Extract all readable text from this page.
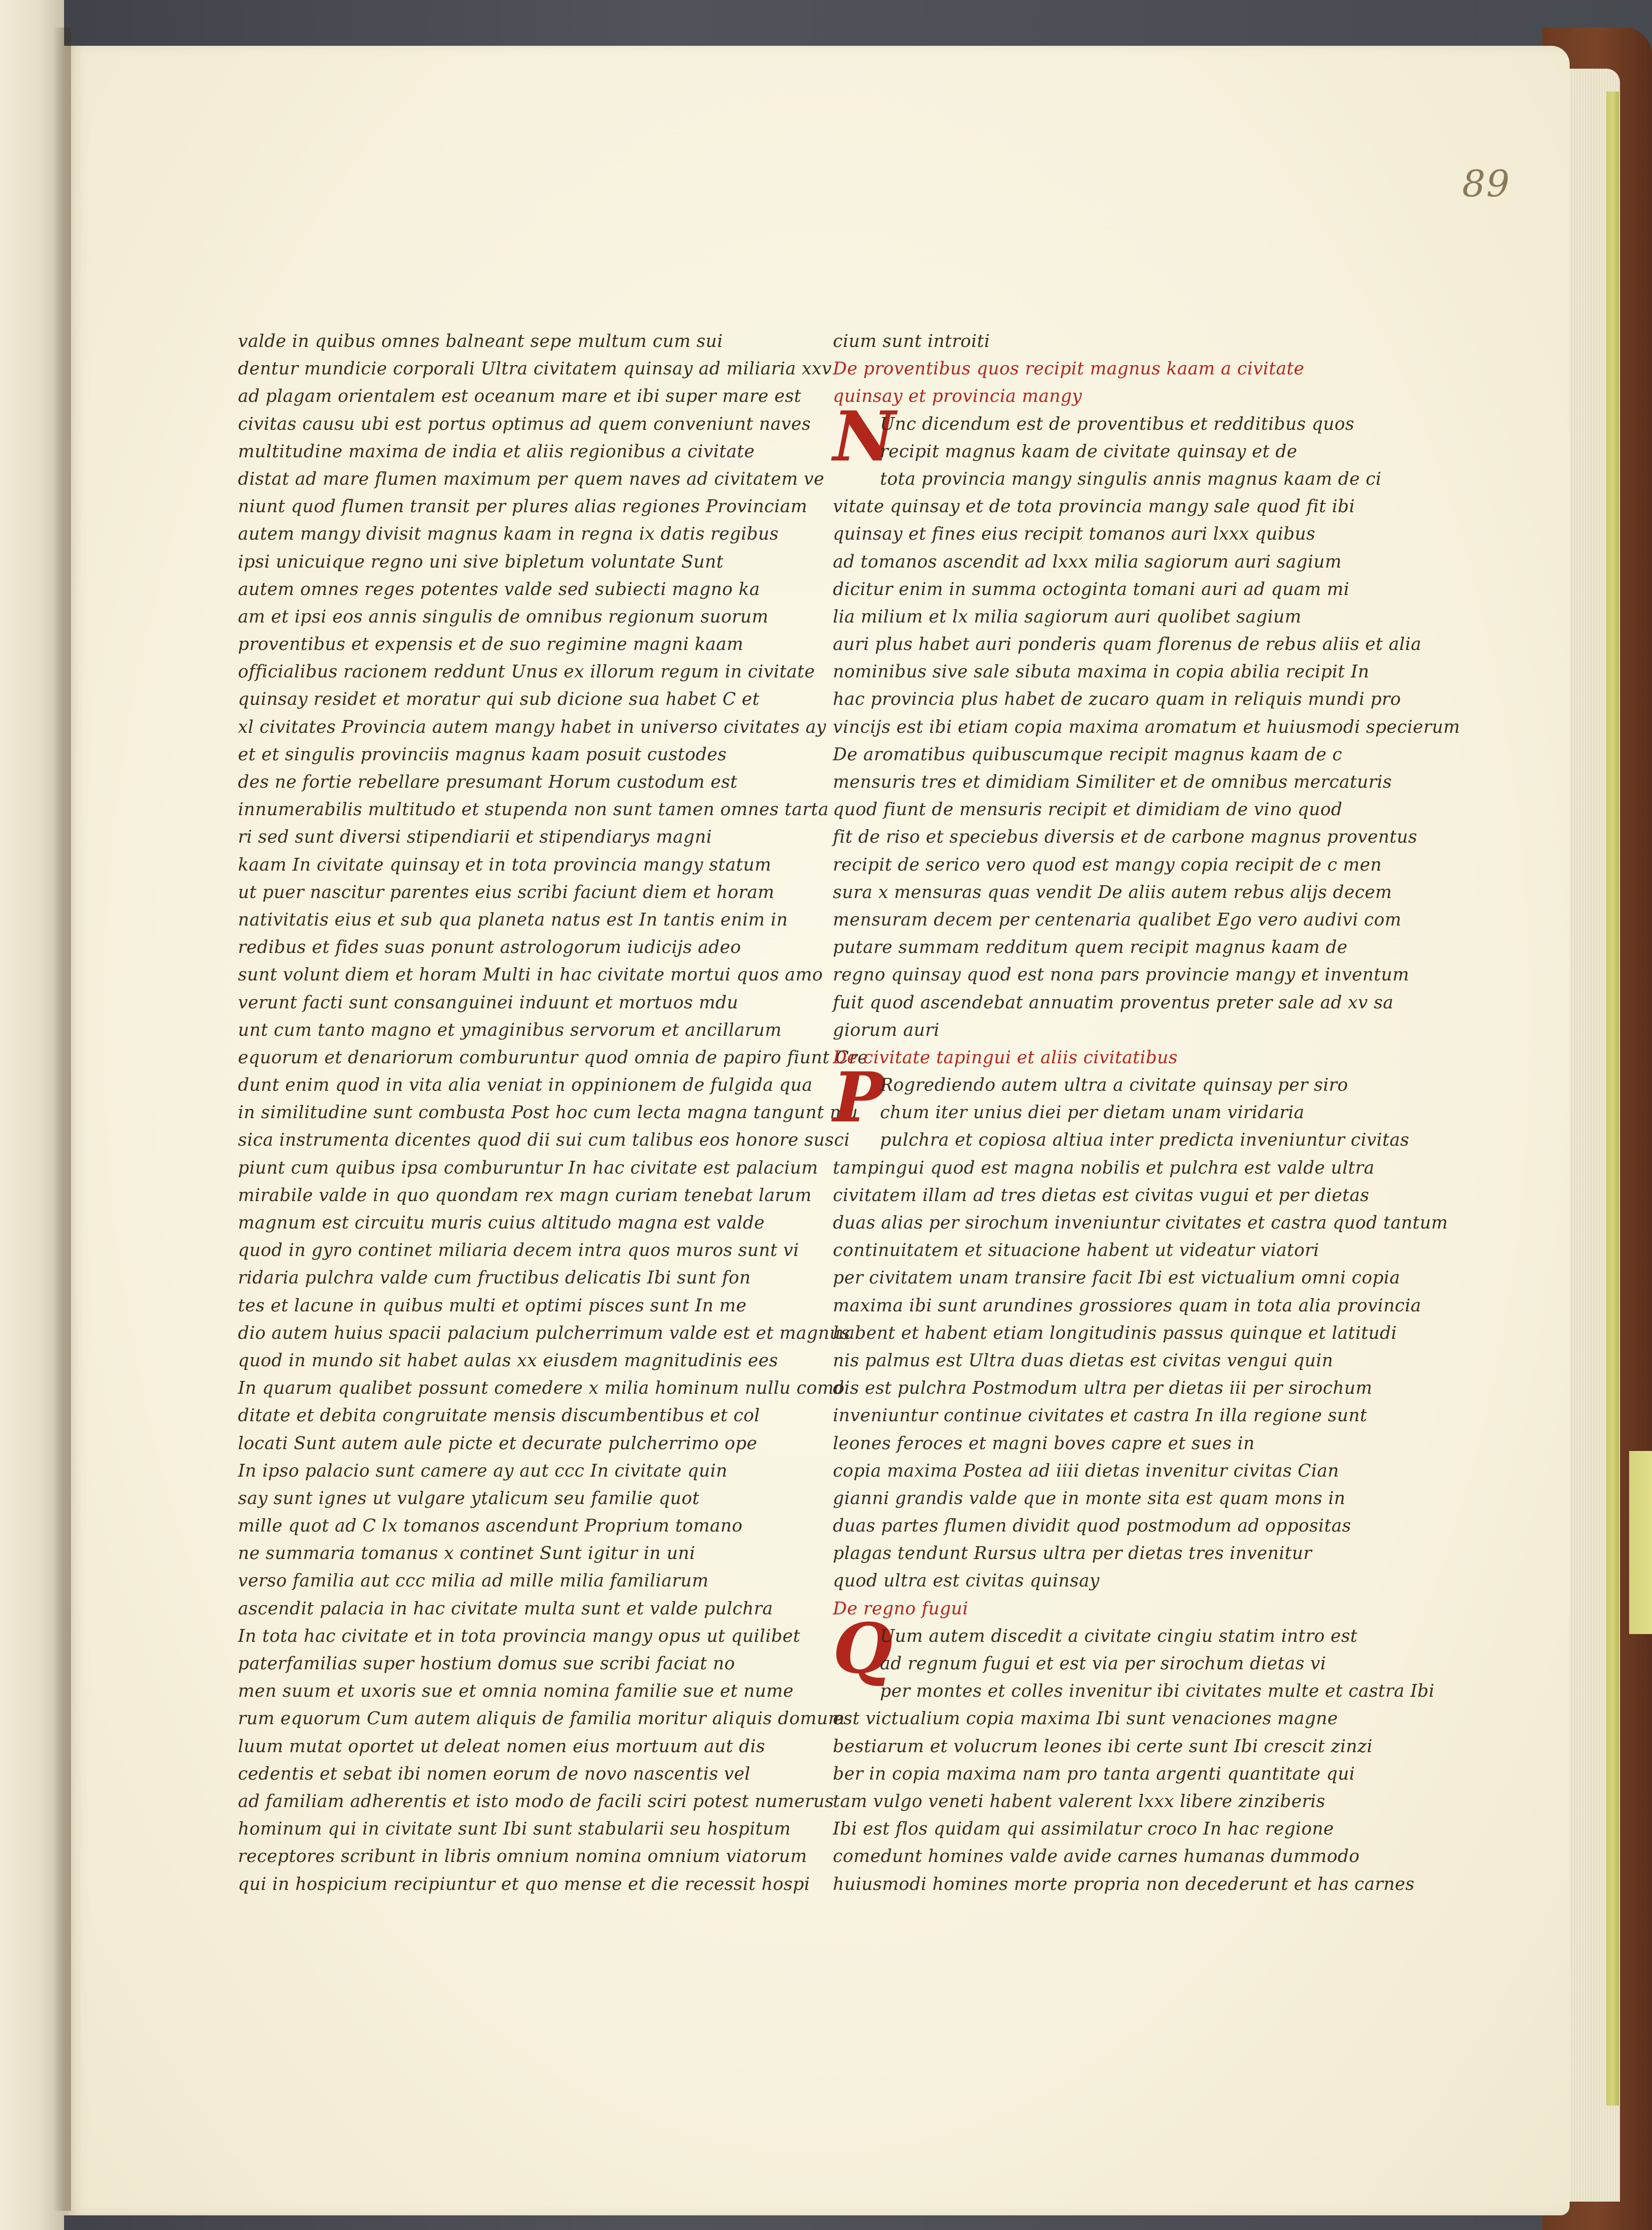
89
valde in quibus omnes balneant sepe multum cum sui
dentur mundicie corporali Ultra civitatem quinsay ad miliaria xxv
ad plagam orientalem est oceanum mare et ibi super mare est
civitas causu ubi est portus optimus ad quem conveniunt naves
multitudine maxima de india et aliis regionibus a civitate
distat ad mare flumen maximum per quem naves ad civitatem ve
niunt quod flumen transit per plures alias regiones Provinciam
autem mangy divisit magnus kaam in regna ix datis regibus
ipsi unicuique regno uni sive bipletum voluntate Sunt
autem omnes reges potentes valde sed subiecti magno ka
am et ipsi eos annis singulis de omnibus regionum suorum
proventibus et expensis et de suo regimine magni kaam
officialibus racionem reddunt Unus ex illorum regum in civitate
quinsay residet et moratur qui sub dicione sua habet C et
xl civitates Provincia autem mangy habet in universo civitates ay
et et singulis provinciis magnus kaam posuit custodes
des ne fortie rebellare presumant Horum custodum est
innumerabilis multitudo et stupenda non sunt tamen omnes tarta
ri sed sunt diversi stipendiarii et stipendiarys magni
kaam In civitate quinsay et in tota provincia mangy statum
ut puer nascitur parentes eius scribi faciunt diem et horam
nativitatis eius et sub qua planeta natus est In tantis enim in
redibus et fides suas ponunt astrologorum iudicijs adeo
sunt volunt diem et horam Multi in hac civitate mortui quos amo
verunt facti sunt consanguinei induunt et mortuos mdu
unt cum tanto magno et ymaginibus servorum et ancillarum
equorum et denariorum comburuntur quod omnia de papiro fiunt Cre
dunt enim quod in vita alia veniat in oppinionem de fulgida qua
in similitudine sunt combusta Post hoc cum lecta magna tangunt mu
sica instrumenta dicentes quod dii sui cum talibus eos honore susci
piunt cum quibus ipsa comburuntur In hac civitate est palacium
mirabile valde in quo quondam rex magn curiam tenebat larum
magnum est circuitu muris cuius altitudo magna est valde
quod in gyro continet miliaria decem intra quos muros sunt vi
ridaria pulchra valde cum fructibus delicatis Ibi sunt fon
tes et lacune in quibus multi et optimi pisces sunt In me
dio autem huius spacii palacium pulcherrimum valde est et magnus
quod in mundo sit habet aulas xx eiusdem magnitudinis ees
In quarum qualibet possunt comedere x milia hominum nullu como
ditate et debita congruitate mensis discumbentibus et col
locati Sunt autem aule picte et decurate pulcherrimo ope
In ipso palacio sunt camere ay aut ccc In civitate quin
say sunt ignes ut vulgare ytalicum seu familie quot
mille quot ad C lx tomanos ascendunt Proprium tomano
ne summaria tomanus x continet Sunt igitur in uni
verso familia aut ccc milia ad mille milia familiarum
ascendit palacia in hac civitate multa sunt et valde pulchra
In tota hac civitate et in tota provincia mangy opus ut quilibet
paterfamilias super hostium domus sue scribi faciat no
men suum et uxoris sue et omnia nomina familie sue et nume
rum equorum Cum autem aliquis de familia moritur aliquis domum
luum mutat oportet ut deleat nomen eius mortuum aut dis
cedentis et sebat ibi nomen eorum de novo nascentis vel
ad familiam adherentis et isto modo de facili sciri potest numerus
hominum qui in civitate sunt Ibi sunt stabularii seu hospitum
receptores scribunt in libris omnium nomina omnium viatorum
qui in hospicium recipiuntur et quo mense et die recessit hospi
cium sunt introiti
De proventibus quos recipit magnus kaam a civitate
quinsay et provincia mangy
N
Unc dicendum est de proventibus et redditibus quos
recipit magnus kaam de civitate quinsay et de
tota provincia mangy singulis annis magnus kaam de ci
vitate quinsay et de tota provincia mangy sale quod fit ibi
quinsay et fines eius recipit tomanos auri lxxx quibus
ad tomanos ascendit ad lxxx milia sagiorum auri sagium
dicitur enim in summa octoginta tomani auri ad quam mi
lia milium et lx milia sagiorum auri quolibet sagium
auri plus habet auri ponderis quam florenus de rebus aliis et alia
nominibus sive sale sibuta maxima in copia abilia recipit In
hac provincia plus habet de zucaro quam in reliquis mundi pro
vincijs est ibi etiam copia maxima aromatum et huiusmodi specierum
De aromatibus quibuscumque recipit magnus kaam de c
mensuris tres et dimidiam Similiter et de omnibus mercaturis
quod fiunt de mensuris recipit et dimidiam de vino quod
fit de riso et speciebus diversis et de carbone magnus proventus
recipit de serico vero quod est mangy copia recipit de c men
sura x mensuras quas vendit De aliis autem rebus alijs decem
mensuram decem per centenaria qualibet Ego vero audivi com
putare summam redditum quem recipit magnus kaam de
regno quinsay quod est nona pars provincie mangy et inventum
fuit quod ascendebat annuatim proventus preter sale ad xv sa
giorum auri
De civitate tapingui et aliis civitatibus
P
Rogrediendo autem ultra a civitate quinsay per siro
chum iter unius diei per dietam unam viridaria
pulchra et copiosa altiua inter predicta inveniuntur civitas
tampingui quod est magna nobilis et pulchra est valde ultra
civitatem illam ad tres dietas est civitas vugui et per dietas
duas alias per sirochum inveniuntur civitates et castra quod tantum
continuitatem et situacione habent ut videatur viatori
per civitatem unam transire facit Ibi est victualium omni copia
maxima ibi sunt arundines grossiores quam in tota alia provincia
habent et habent etiam longitudinis passus quinque et latitudi
nis palmus est Ultra duas dietas est civitas vengui quin
dis est pulchra Postmodum ultra per dietas iii per sirochum
inveniuntur continue civitates et castra In illa regione sunt
leones feroces et magni boves capre et sues in
copia maxima Postea ad iiii dietas invenitur civitas Cian
gianni grandis valde que in monte sita est quam mons in
duas partes flumen dividit quod postmodum ad oppositas
plagas tendunt Rursus ultra per dietas tres invenitur
quod ultra est civitas quinsay
De regno fugui
Q
Uum autem discedit a civitate cingiu statim intro est
ad regnum fugui et est via per sirochum dietas vi
per montes et colles invenitur ibi civitates multe et castra Ibi
est victualium copia maxima Ibi sunt venaciones magne
bestiarum et volucrum leones ibi certe sunt Ibi crescit zinzi
ber in copia maxima nam pro tanta argenti quantitate qui
tam vulgo veneti habent valerent lxxx libere zinziberis
Ibi est flos quidam qui assimilatur croco In hac regione
comedunt homines valde avide carnes humanas dummodo
huiusmodi homines morte propria non decederunt et has carnes
